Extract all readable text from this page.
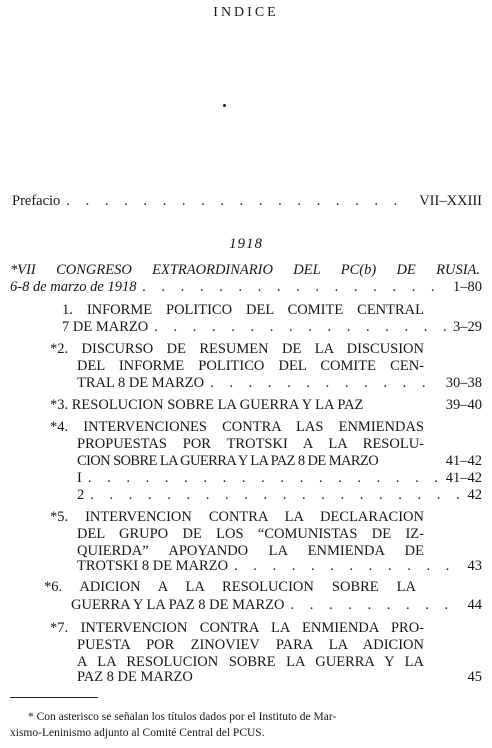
INDICE
Prefacio . . .	VII–XXIII
1918
*VII CONGRESO EXTRAORDINARIO DEL PC(b) DE RUSIA.
6-8 de marzo de 1918 . . .	1–80
1. INFORME POLITICO DEL COMITE CENTRAL
7 DE MARZO . . .	3–29
*2. DISCURSO DE RESUMEN DE LA DISCUSION
DEL INFORME POLITICO DEL COMITE CEN-
TRAL 8 DE MARZO . . .	30–38
*3. RESOLUCION SOBRE LA GUERRA Y LA PAZ	39–40
*4. INTERVENCIONES CONTRA LAS ENMIENDAS
PROPUESTAS POR TROTSKI A LA RESOLU-
CION SOBRE LA GUERRA Y LA PAZ 8 DE MARZO	41–42
I . . .	41–42
2 . . .	42
*5. INTERVENCION CONTRA LA DECLARACION
DEL GRUPO DE LOS “COMUNISTAS DE IZ-
QUIERDA” APOYANDO LA ENMIENDA DE
TROTSKI 8 DE MARZO . . .	43
*6. ADICION A LA RESOLUCION SOBRE LA
GUERRA Y LA PAZ 8 DE MARZO . . .	44
*7. INTERVENCION CONTRA LA ENMIENDA PRO-
PUESTA POR ZINOVIEV PARA LA ADICION
A LA RESOLUCION SOBRE LA GUERRA Y LA
PAZ 8 DE MARZO	45
* Con asterisco se señalan los títulos dados por el Instituto de Mar-
xismo-Leninismo adjunto al Comité Central del PCUS.
